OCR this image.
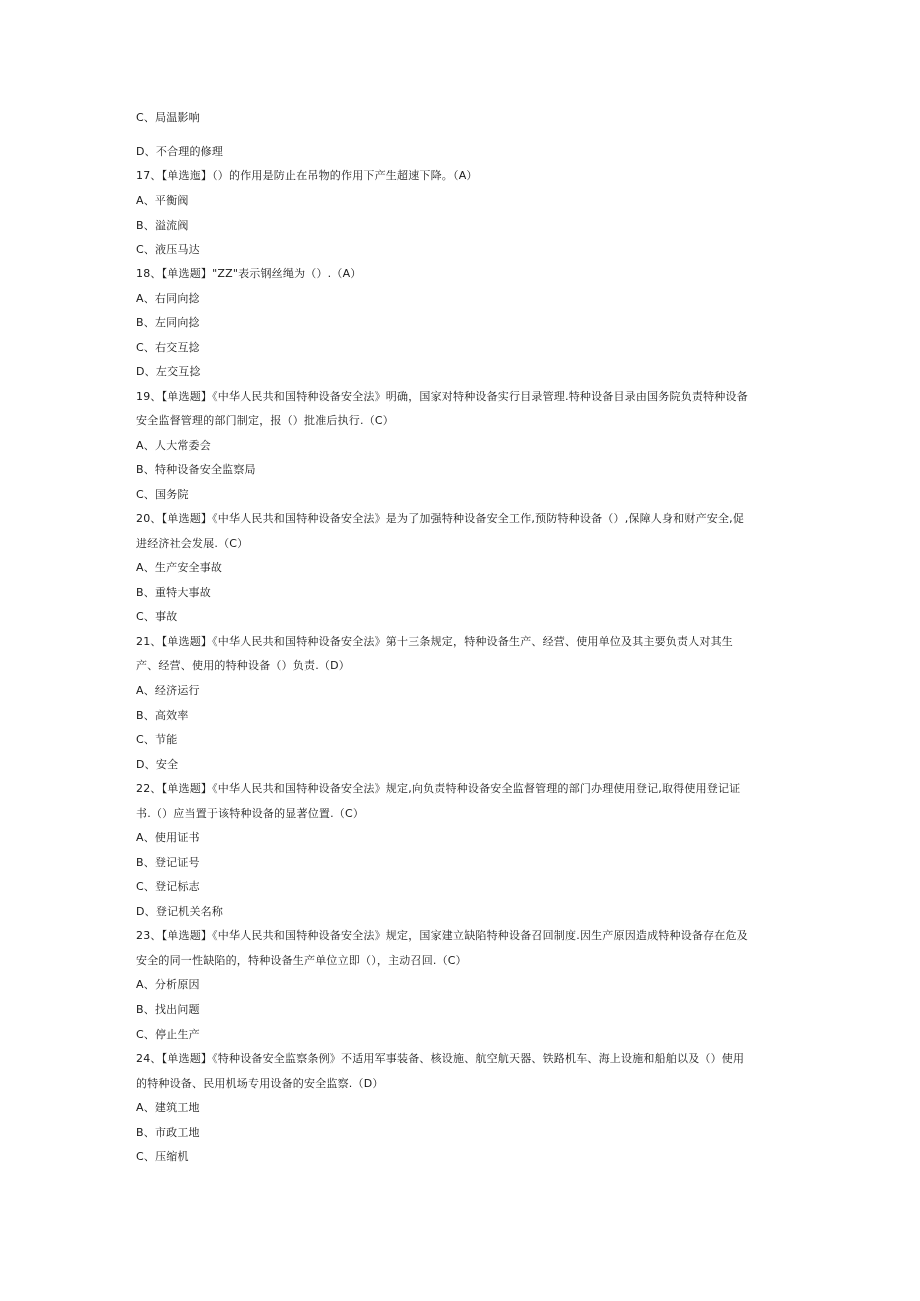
C、局温影响
D、不合理的修理
17、【单选迤】（）的作用是防止在吊物的作用下产生超速下降。（A）
A、平衡阀
B、溢流阀
C、液压马达
18、【单选题】"ZZ"表示钢丝绳为（）.（A）
A、右同向捻
B、左同向捻
C、右交互捻
D、左交互捻
19、【单选题】《中华人民共和国特种设备安全法》明确，国家对特种设备实行目录管理.特种设备目录由国务院负责特种设备
安全监督管理的部门制定，报（）批准后执行.（C）
A、人大常委会
B、特种设备安全监察局
C、国务院
20、【单选题】《中华人民共和国特种设备安全法》是为了加强特种设备安全工作,预防特种设备（）,保障人身和财产安全,促
进经济社会发展.（C）
A、生产安全事故
B、重特大事故
C、事故
21、【单选题】《中华人民共和国特种设备安全法》第十三条规定，特种设备生产、经营、使用单位及其主要负责人对其生
产、经营、使用的特种设备（）负责.（D）
A、经济运行
B、高效率
C、节能
D、安全
22、【单选题】《中华人民共和国特种设备安全法》规定,向负责特种设备安全监督管理的部门办理使用登记,取得使用登记证
书.（）应当置于该特种设备的显著位置.（C）
A、使用证书
B、登记证号
C、登记标志
D、登记机关名称
23、【单选题】《中华人民共和国特种设备安全法》规定，国家建立缺陷特种设备召回制度.因生产原因造成特种设备存在危及
安全的同一性缺陷的，特种设备生产单位立即（），主动召回.（C）
A、分析原因
B、找出问题
C、停止生产
24、【单选题】《特种设备安全监察条例》不适用军事装备、核设施、航空航天器、铁路机车、海上设施和船舶以及（）使用
的特种设备、民用机场专用设备的安全监察.（D）
A、建筑工地
B、市政工地
C、压缩机
